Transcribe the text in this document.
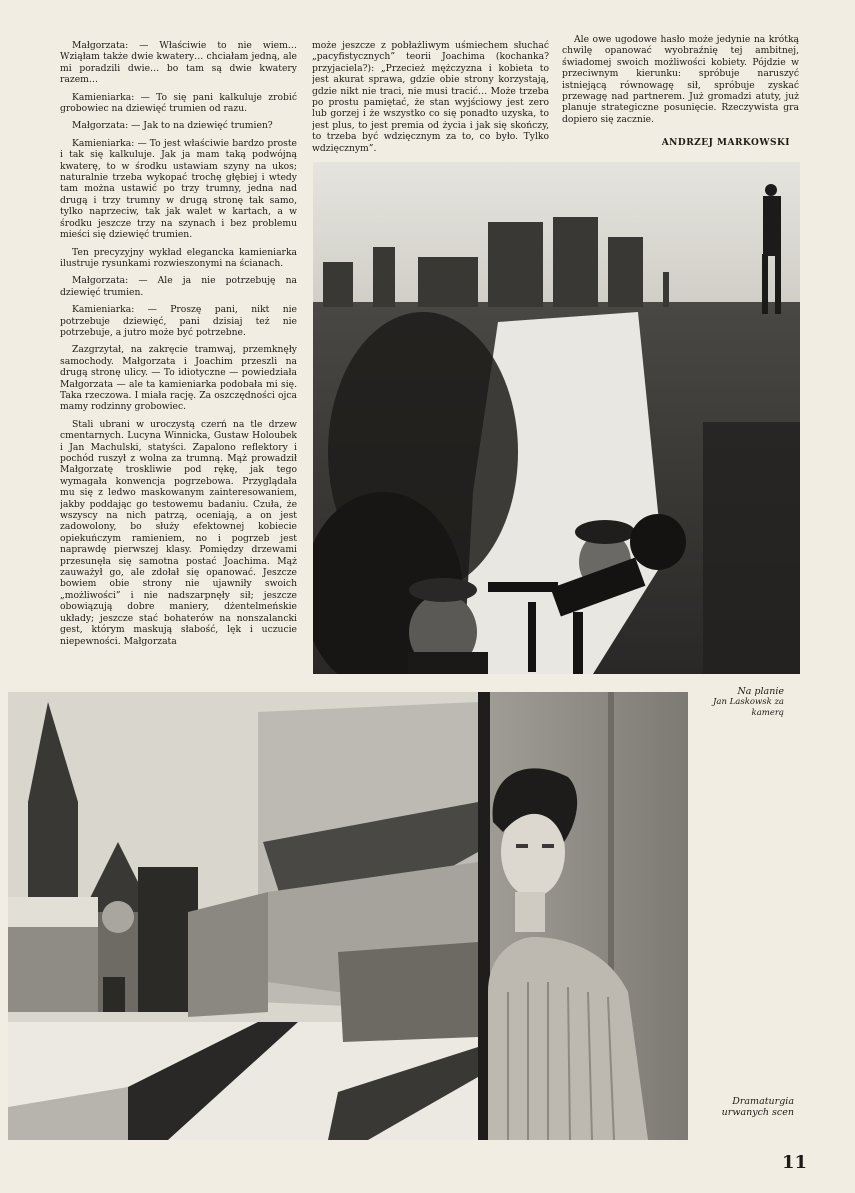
Małgorzata: — Właściwie to nie wiem… Wziąłam także dwie kwatery… chciałam jedną, ale mi poradzili dwie… bo tam są dwie kwatery razem…

Kamieniarka: — To się pani kalkuluje zrobić grobowiec na dziewięć trumien od razu.

Małgorzata: — Jak to na dziewięć trumien?

Kamieniarka: — To jest właściwie bardzo proste i tak się kalkuluje. Jak ja mam taką podwójną kwaterę, to w środku ustawiam szyny na ukos; naturalnie trzeba wykopać trochę głębiej i wtedy tam można ustawić po trzy trumny, jedna nad drugą i trzy trumny w drugą stronę tak samo, tylko naprzeciw, tak jak walet w kartach, a w środku jeszcze trzy na szynach i bez problemu mieści się dziewięć trumien.

Ten precyzyjny wykład elegancka kamieniarka ilustruje rysunkami rozwieszonymi na ścianach.

Małgorzata: — Ale ja nie potrzebuję na dziewięć trumien.

Kamieniarka: — Proszę pani, nikt nie potrzebuje dziewięć, pani dzisiaj też nie potrzebuje, a jutro może być potrzebne.

Zazgrzytał, na zakręcie tramwaj, przemknęły samochody. Małgorzata i Joachim przeszli na drugą stronę ulicy. — To idiotyczne — powiedziała Małgorzata — ale ta kamieniarka podobała mi się. Taka rzeczowa. I miała rację. Za oszczędności ojca mamy rodzinny grobowiec.

Stali ubrani w uroczystą czerń na tle drzew cmentarnych. Lucyna Winnicka, Gustaw Holoubek i Jan Machulski, statyści. Zapalono reflektory i pochód ruszył z wolna za trumną. Mąż prowadził Małgorzatę troskliwie pod rękę, jak tego wymagała konwencja pogrzebowa. Przyglądała mu się z ledwo maskowanym zainteresowaniem, jakby poddając go testowemu badaniu. Czuła, że wszyscy na nich patrzą, oceniają, a on jest zadowolony, bo służy efektownej kobiecie opiekuńczym ramieniem, no i pogrzeb jest naprawdę pierwszej klasy. Pomiędzy drzewami przesunęła się samotna postać Joachima. Mąż zauważył go, ale zdołał się opanować. Jeszcze bowiem obie strony nie ujawniły swoich „możliwości” i nie nadszarpnęły sił; jeszcze obowiązują dobre maniery, dżentelmeńskie układy; jeszcze stać bohaterów na nonszalancki gest, którym maskują słabość, lęk i uczucie niepewności. Małgorzata

może jeszcze z pobłażliwym uśmiechem słuchać „pacyfistycznych” teorii Joachima (kochanka? przyjaciela?): „Przecież mężczyzna i kobieta to jest akurat sprawa, gdzie obie strony korzystają, gdzie nikt nie traci, nie musi tracić… Może trzeba po prostu pamiętać, że stan wyjściowy jest zero lub gorzej i że wszystko co się ponadto uzyska, to jest plus, to jest premia od życia i jak się skończy, to trzeba być wdzięcznym za to, co było. Tylko wdzięcznym”.

Ale owe ugodowe hasło może jedynie na krótką chwilę opanować wyobraźnię tej ambitnej, świadomej swoich możliwości kobiety. Pójdzie w przeciwnym kierunku: spróbuje naruszyć istniejącą równowagę sił, spróbuje zyskać przewagę nad partnerem. Już gromadzi atuty, już planuje strategiczne posunięcie. Rzeczywista gra dopiero się zacznie.

ANDRZEJ MARKOWSKI
Na planie
Jan Laskowsk za kamerą
Dramaturgia
urwanych scen
11
